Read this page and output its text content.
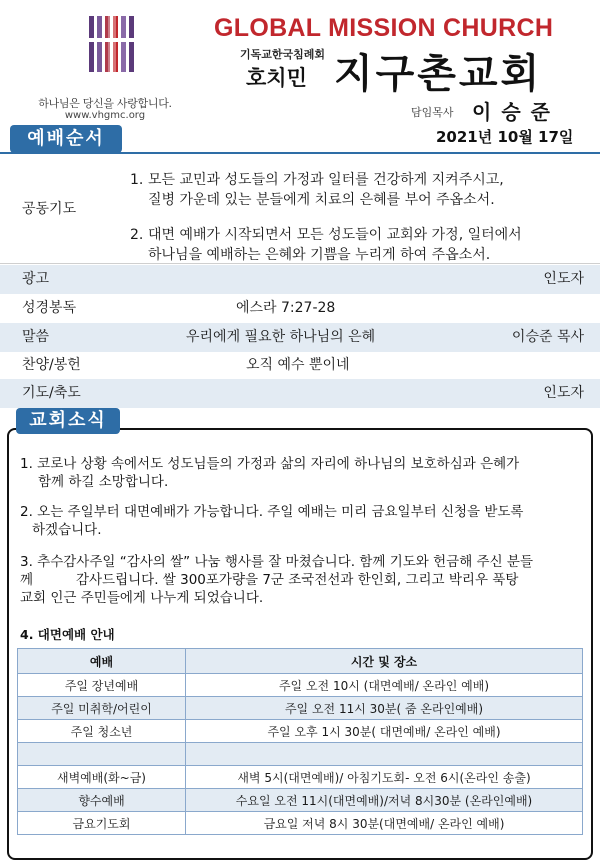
하나님은 당신을 사랑합니다.
www.vhgmc.org
GLOBAL MISSION CHURCH
기독교한국침례회
호치민 지구촌교회
담임목사 이승준
2021년 10월 17일
예배순서
공동기도
1. 모든 교민과 성도들의 가정과 일터를 건강하게 지켜주시고,
질병 가운데 있는 분들에게 치료의 은혜를 부어 주옵소서.
2. 대면 예배가 시작되면서 모든 성도들이 교회와 가정, 일터에서
하나님을 예배하는 은혜와 기쁨을 누리게 하여 주옵소서.
광고	인도자
성경봉독	에스라 7:27-28
말씀	우리에게 필요한 하나님의 은혜	이승준 목사
찬양/봉헌	오직 예수 뿐이네
기도/축도	인도자
교회소식
1. 코로나 상황 속에서도 성도님들의 가정과 삶의 자리에 하나님의 보호하심과 은혜가
함께 하길 소망합니다.
2. 오는 주일부터 대면예배가 가능합니다. 주일 예배는 미리 금요일부터 신청을 받도록
하겠습니다.
3. 추수감사주일 “감사의 쌀” 나눔 행사를 잘 마쳤습니다. 함께 기도와 헌금해 주신 분들
께          감사드립니다. 쌀 300포가량을 7군 조국전선과 한인회, 그리고 박리우 푹탕
교회 인근 주민들에게 나누게 되었습니다.
4. 대면예배 안내
예배	시간 및 장소
주일 장년예배	주일 오전 10시 (대면예배/ 온라인 예배)
주일 미취학/어린이	주일 오전 11시 30분( 줌 온라인예배)
주일 청소년	주일 오후 1시 30분( 대면예배/ 온라인 예배)

새벽예배(화~금)	새벽 5시(대면예배)/ 아침기도회- 오전 6시(온라인 송출)
향수예배	수요일 오전 11시(대면예배)/저녁 8시30분 (온라인예배)
금요기도회	금요일 저녁 8시 30분(대면예배/ 온라인 예배)
